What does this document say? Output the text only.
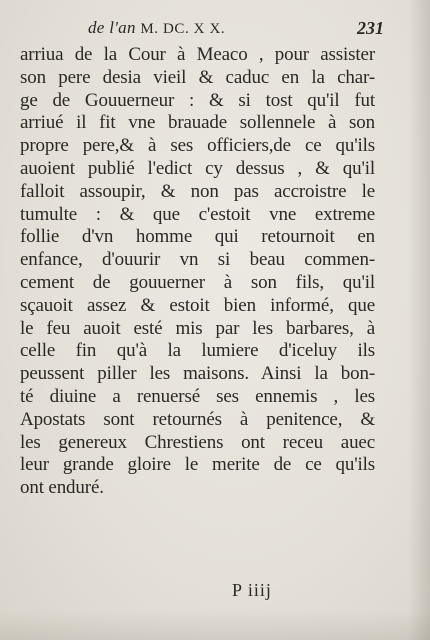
de l'an M. DC. X X.	231
arriua de la Cour à Meaco , pour assister
son pere desia vieil & caduc en la char-
ge de Gouuerneur : & si tost qu'il fut
arriué il fit vne brauade sollennele à son
propre pere,& à ses officiers,de ce qu'ils
auoient publié l'edict cy dessus , & qu'il
falloit assoupir, & non pas accroistre le
tumulte : & que c'estoit vne extreme
follie d'vn homme qui retournoit en
enfance, d'ouurir vn si beau commen-
cement de gouuerner à son fils, qu'il
sçauoit assez & estoit bien informé, que
le feu auoit esté mis par les barbares, à
celle fin qu'à la lumiere d'iceluy ils
peussent piller les maisons. Ainsi la bon-
té diuine a renuersé ses ennemis , les
Apostats sont retournés à penitence, &
les genereux Chrestiens ont receu auec
leur grande gloire le merite de ce qu'ils
ont enduré.
P iiij
